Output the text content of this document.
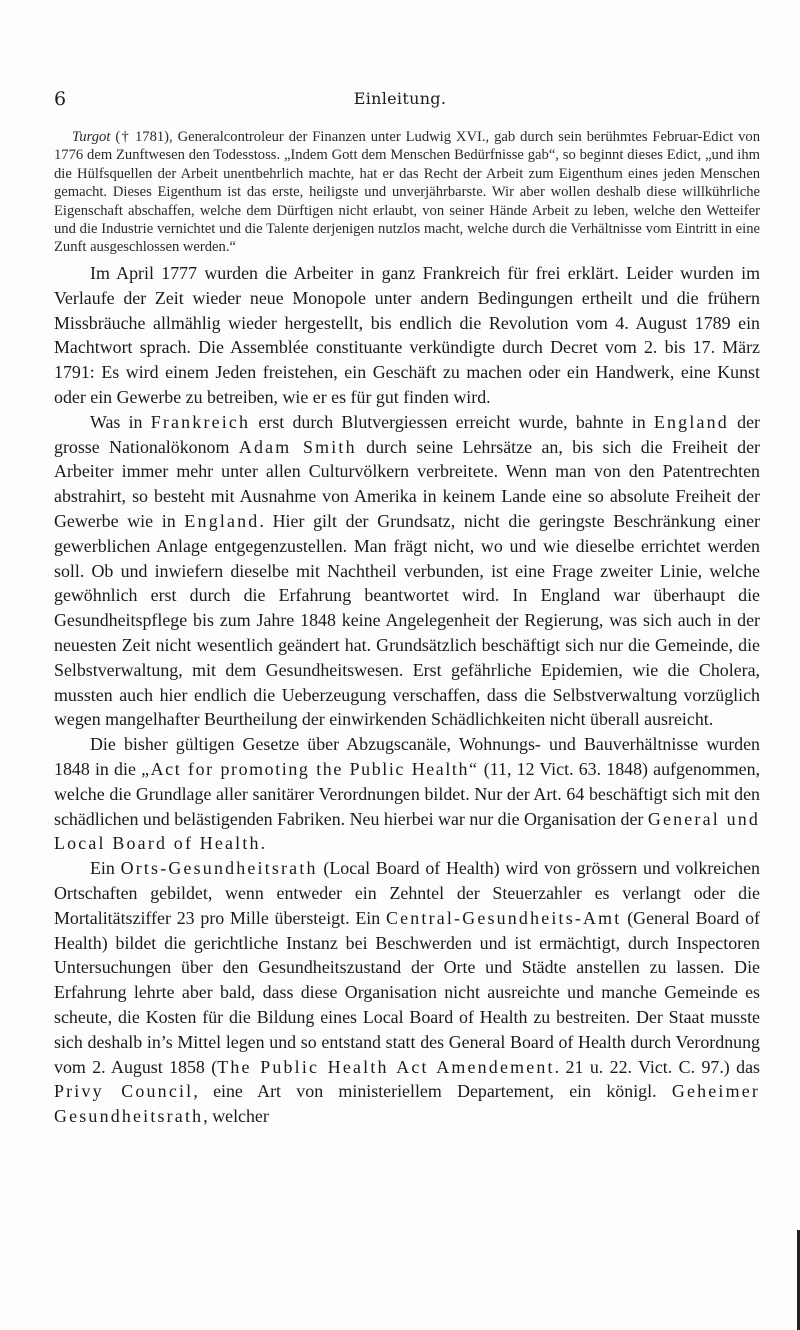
6	Einleitung.

Turgot († 1781), Generalcontroleur der Finanzen unter Ludwig XVI., gab durch sein berühmtes Februar-Edict von 1776 dem Zunftwesen den Todesstoss. „Indem Gott dem Menschen Bedürfnisse gab“, so beginnt dieses Edict, „und ihm die Hülfsquellen der Arbeit unentbehrlich machte, hat er das Recht der Arbeit zum Eigenthum eines jeden Menschen gemacht. Dieses Eigenthum ist das erste, heiligste und unverjährbarste. Wir aber wollen deshalb diese willkührliche Eigenschaft abschaffen, welche dem Dürftigen nicht erlaubt, von seiner Hände Arbeit zu leben, welche den Wetteifer und die Industrie vernichtet und die Talente derjenigen nutzlos macht, welche durch die Verhältnisse vom Eintritt in eine Zunft ausgeschlossen werden.“

Im April 1777 wurden die Arbeiter in ganz Frankreich für frei erklärt. Leider wurden im Verlaufe der Zeit wieder neue Monopole unter andern Bedingungen ertheilt und die frühern Missbräuche allmählig wieder hergestellt, bis endlich die Revolution vom 4. August 1789 ein Machtwort sprach. Die Assemblée constituante verkündigte durch Decret vom 2. bis 17. März 1791: Es wird einem Jeden freistehen, ein Geschäft zu machen oder ein Handwerk, eine Kunst oder ein Gewerbe zu betreiben, wie er es für gut finden wird.

Was in Frankreich erst durch Blutvergiessen erreicht wurde, bahnte in England der grosse Nationalökonom Adam Smith durch seine Lehrsätze an, bis sich die Freiheit der Arbeiter immer mehr unter allen Culturvölkern verbreitete. Wenn man von den Patentrechten abstrahirt, so besteht mit Ausnahme von Amerika in keinem Lande eine so absolute Freiheit der Gewerbe wie in England. Hier gilt der Grundsatz, nicht die geringste Beschränkung einer gewerblichen Anlage entgegenzustellen. Man frägt nicht, wo und wie dieselbe errichtet werden soll. Ob und inwiefern dieselbe mit Nachtheil verbunden, ist eine Frage zweiter Linie, welche gewöhnlich erst durch die Erfahrung beantwortet wird. In England war überhaupt die Gesundheitspflege bis zum Jahre 1848 keine Angelegenheit der Regierung, was sich auch in der neuesten Zeit nicht wesentlich geändert hat. Grundsätzlich beschäftigt sich nur die Gemeinde, die Selbstverwaltung, mit dem Gesundheitswesen. Erst gefährliche Epidemien, wie die Cholera, mussten auch hier endlich die Ueberzeugung verschaffen, dass die Selbstverwaltung vorzüglich wegen mangelhafter Beurtheilung der einwirkenden Schädlichkeiten nicht überall ausreicht.

Die bisher gültigen Gesetze über Abzugscanäle, Wohnungs- und Bauverhältnisse wurden 1848 in die „Act for promoting the Public Health“ (11, 12 Vict. 63. 1848) aufgenommen, welche die Grundlage aller sanitärer Verordnungen bildet. Nur der Art. 64 beschäftigt sich mit den schädlichen und belästigenden Fabriken. Neu hierbei war nur die Organisation der General und Local Board of Health.

Ein Orts-Gesundheitsrath (Local Board of Health) wird von grössern und volkreichen Ortschaften gebildet, wenn entweder ein Zehntel der Steuerzahler es verlangt oder die Mortalitätsziffer 23 pro Mille übersteigt. Ein Central-Gesundheits-Amt (General Board of Health) bildet die gerichtliche Instanz bei Beschwerden und ist ermächtigt, durch Inspectoren Untersuchungen über den Gesundheitszustand der Orte und Städte anstellen zu lassen. Die Erfahrung lehrte aber bald, dass diese Organisation nicht ausreichte und manche Gemeinde es scheute, die Kosten für die Bildung eines Local Board of Health zu bestreiten. Der Staat musste sich deshalb in’s Mittel legen und so entstand statt des General Board of Health durch Verordnung vom 2. August 1858 (The Public Health Act Amendement. 21 u. 22. Vict. C. 97.) das Privy Council, eine Art von ministeriellem Departement, ein königl. Geheimer Gesundheitsrath, welcher
